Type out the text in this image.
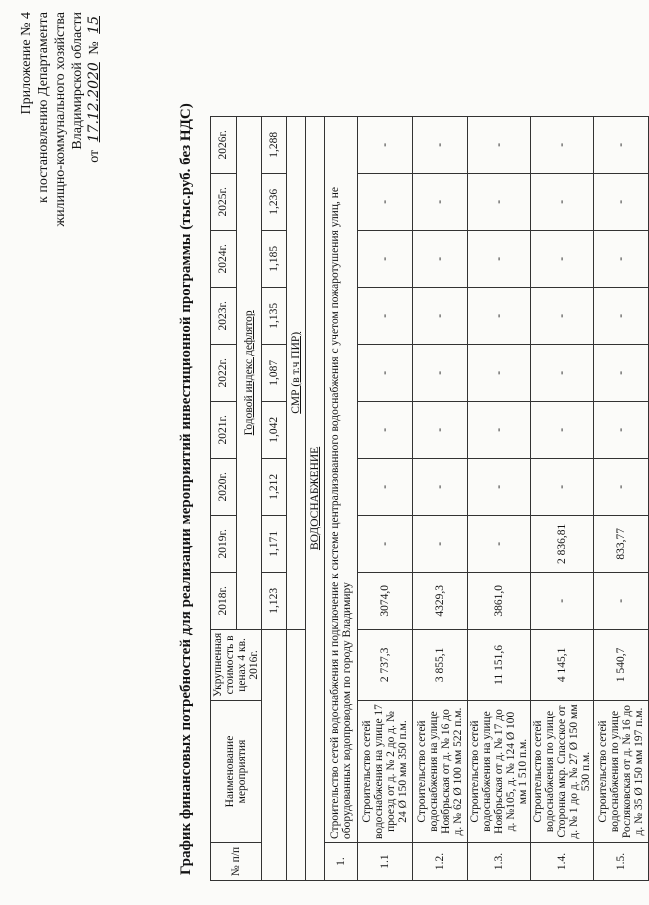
Приложение № 4 к постановлению Департамента жилищно-коммунального хозяйства Владимирской области
от 17.12.2020 № 15
График финансовых потребностей для реализации мероприятий инвестиционной программы (тыс.руб. без НДС)	№ п/п	Наименование мероприятия	Укрупненная стоимость в ценах 4 кв. 2016г.	2018г.	2019г.	2020г.	2021г.	2022г.	2023г.	2024г.	2025г.	2026г.
			Годовой индекс дефлятор								
			1,123	1,171	1,212	1,042	1,087	1,135	1,185	1,236	1,288
			СМР (в т.ч ПИР)								
ВОДОСНАБЖЕНИЕ											
1.	Строительство сетей водоснабжения и подключение к системе централизованного водоснабжения с учетом пожаротушения улиц, не оборудованных водопроводом по городу Владимиру										
1.1	Строительство сетей водоснабжения на улице 17 проезд от д. № 2 до д. № 24 Ø 150 мм 350 п.м.	2 737,3	3074,0	-	-	-	-	-	-	-	-
1.2.	Строительство сетей водоснабжения на улице Ноябрьская от д. № 16 до д. № 62 Ø 100 мм 522 п.м.	3 855,1	4329,3	-	-	-	-	-	-	-	-
1.3.	Строительство сетей водоснабжения на улице Ноябрьская от д. № 17 до д. №105, д. № 124 Ø 100 мм 1 510 п.м.	11 151,6	3861,0	-	-	-	-	-	-	-	-
1.4.	Строительство сетей водоснабжения по улице Сторонка мкр. Спасское от д. № 1 до д. № 27 Ø 150 мм 530 п.м.	4 145,1	-	2 836,81	-	-	-	-	-	-	-
1.5.	Строительство сетей водоснабжения по улице Росляковская от д. № 16 до д. № 35 Ø 150 мм 197 п.м.	1 540,7	-	833,77	-	-	-	-	-	-	-
